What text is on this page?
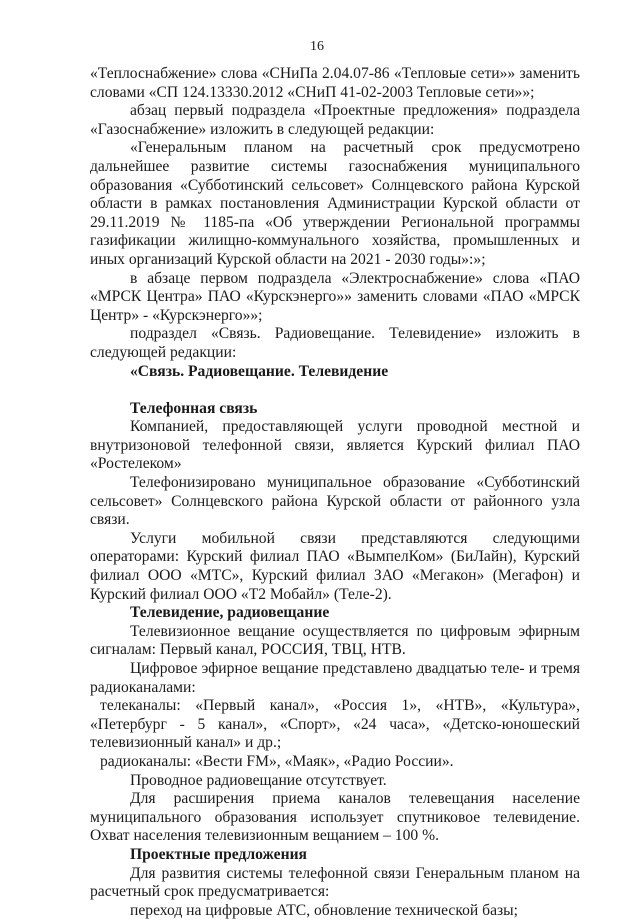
16

«Теплоснабжение» слова «СНиПа 2.04.07-86 «Тепловые сети»» заменить словами «СП 124.13330.2012 «СНиП 41-02-2003 Тепловые сети»»;

абзац первый подраздела «Проектные предложения» подраздела «Газоснабжение» изложить в следующей редакции:

«Генеральным планом на расчетный срок предусмотрено дальнейшее развитие системы газоснабжения муниципального образования «Субботинский сельсовет» Солнцевского района Курской области в рамках постановления Администрации Курской области от 29.11.2019 № 1185-па «Об утверждении Региональной программы газификации жилищно-коммунального хозяйства, промышленных и иных организаций Курской области на 2021 - 2030 годы»:»;

в абзаце первом подраздела «Электроснабжение» слова «ПАО «МРСК Центра» ПАО «Курскэнерго»» заменить словами «ПАО «МРСК Центр» - «Курскэнерго»»;

подраздел «Связь. Радиовещание. Телевидение» изложить в следующей редакции:

«Связь. Радиовещание. Телевидение

Телефонная связь

Компанией, предоставляющей услуги проводной местной и внутризоновой телефонной связи, является Курский филиал ПАО «Ростелеком»

Телефонизировано муниципальное образование «Субботинский сельсовет» Солнцевского района Курской области от районного узла связи.

Услуги мобильной связи представляются следующими операторами: Курский филиал ПАО «ВымпелКом» (БиЛайн), Курский филиал ООО «МТС», Курский филиал ЗАО «Мегакон» (Мегафон) и Курский филиал ООО «Т2 Мобайл» (Теле-2).

Телевидение, радиовещание

Телевизионное вещание осуществляется по цифровым эфирным сигналам: Первый канал, РОССИЯ, ТВЦ, НТВ.

Цифровое эфирное вещание представлено двадцатью теле- и тремя радиоканалами:

телеканалы: «Первый канал», «Россия 1», «НТВ», «Культура», «Петербург - 5 канал», «Спорт», «24 часа», «Детско-юношеский телевизионный канал» и др.;

радиоканалы: «Вести FM», «Маяк», «Радио России».

Проводное радиовещание отсутствует.

Для расширения приема каналов телевещания население муниципального образования использует спутниковое телевидение. Охват населения телевизионным вещанием – 100 %.

Проектные предложения

Для развития системы телефонной связи Генеральным планом на расчетный срок предусматривается:

переход на цифровые АТС, обновление технической базы;
